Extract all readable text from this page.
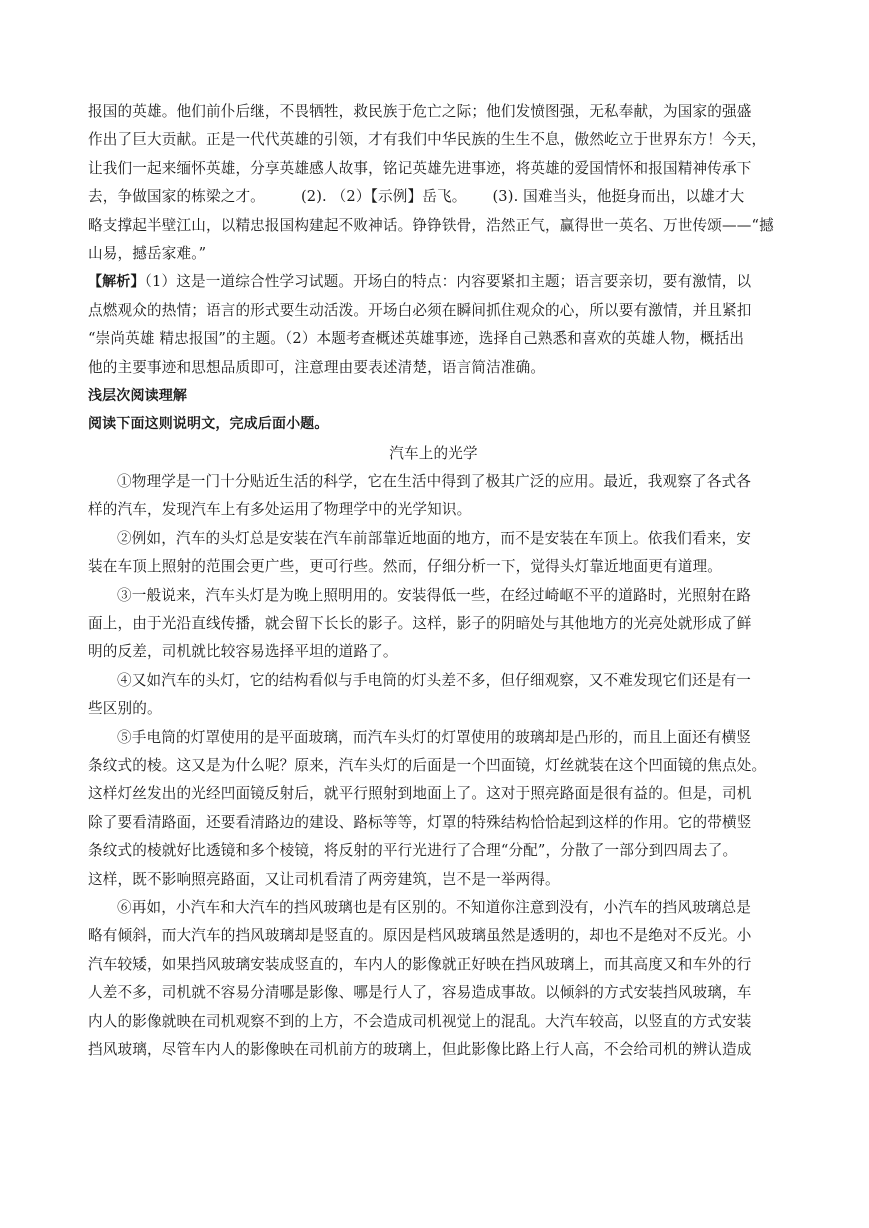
报国的英雄。他们前仆后继，不畏牺牲，救民族于危亡之际；他们发愤图强，无私奉献，为国家的强盛
作出了巨大贡献。正是一代代英雄的引领，才有我们中华民族的生生不息，傲然屹立于世界东方！今天，
让我们一起来缅怀英雄，分享英雄感人故事，铭记英雄先进事迹，将英雄的爱国情怀和报国精神传承下
去，争做国家的栋梁之才。 (2). （2）【示例】岳飞。 (3). 国难当头，他挺身而出，以雄才大
略支撑起半壁江山，以精忠报国构建起不败神话。铮铮铁骨，浩然正气，赢得世一英名、万世传颂——“撼
山易，撼岳家难。”
【解析】（1）这是一道综合性学习试题。开场白的特点：内容要紧扣主题；语言要亲切，要有激情，以
点燃观众的热情；语言的形式要生动活泼。开场白必须在瞬间抓住观众的心，所以要有激情，并且紧扣
“崇尚英雄 精忠报国”的主题。（2）本题考查概述英雄事迹，选择自己熟悉和喜欢的英雄人物，概括出
他的主要事迹和思想品质即可，注意理由要表述清楚，语言简洁准确。
浅层次阅读理解
阅读下面这则说明文，完成后面小题。
汽车上的光学
①物理学是一门十分贴近生活的科学，它在生活中得到了极其广泛的应用。最近，我观察了各式各
样的汽车，发现汽车上有多处运用了物理学中的光学知识。
②例如，汽车的头灯总是安装在汽车前部靠近地面的地方，而不是安装在车顶上。依我们看来，安
装在车顶上照射的范围会更广些，更可行些。然而，仔细分析一下，觉得头灯靠近地面更有道理。
③一般说来，汽车头灯是为晚上照明用的。安装得低一些，在经过崎岖不平的道路时，光照射在路
面上，由于光沿直线传播，就会留下长长的影子。这样，影子的阴暗处与其他地方的光亮处就形成了鲜
明的反差，司机就比较容易选择平坦的道路了。
④又如汽车的头灯，它的结构看似与手电筒的灯头差不多，但仔细观察，又不难发现它们还是有一
些区别的。
⑤手电筒的灯罩使用的是平面玻璃，而汽车头灯的灯罩使用的玻璃却是凸形的，而且上面还有横竖
条纹式的棱。这又是为什么呢？原来，汽车头灯的后面是一个凹面镜，灯丝就装在这个凹面镜的焦点处。
这样灯丝发出的光经凹面镜反射后，就平行照射到地面上了。这对于照亮路面是很有益的。但是，司机
除了要看清路面，还要看清路边的建设、路标等等，灯罩的特殊结构恰恰起到这样的作用。它的带横竖
条纹式的棱就好比透镜和多个棱镜，将反射的平行光进行了合理“分配”，分散了一部分到四周去了。
这样，既不影响照亮路面，又让司机看清了两旁建筑，岂不是一举两得。
⑥再如，小汽车和大汽车的挡风玻璃也是有区别的。不知道你注意到没有，小汽车的挡风玻璃总是
略有倾斜，而大汽车的挡风玻璃却是竖直的。原因是档风玻璃虽然是透明的，却也不是绝对不反光。小
汽车较矮，如果挡风玻璃安装成竖直的，车内人的影像就正好映在挡风玻璃上，而其高度又和车外的行
人差不多，司机就不容易分清哪是影像、哪是行人了，容易造成事故。以倾斜的方式安装挡风玻璃，车
内人的影像就映在司机观察不到的上方，不会造成司机视觉上的混乱。大汽车较高，以竖直的方式安装
挡风玻璃，尽管车内人的影像映在司机前方的玻璃上，但此影像比路上行人高，不会给司机的辨认造成
